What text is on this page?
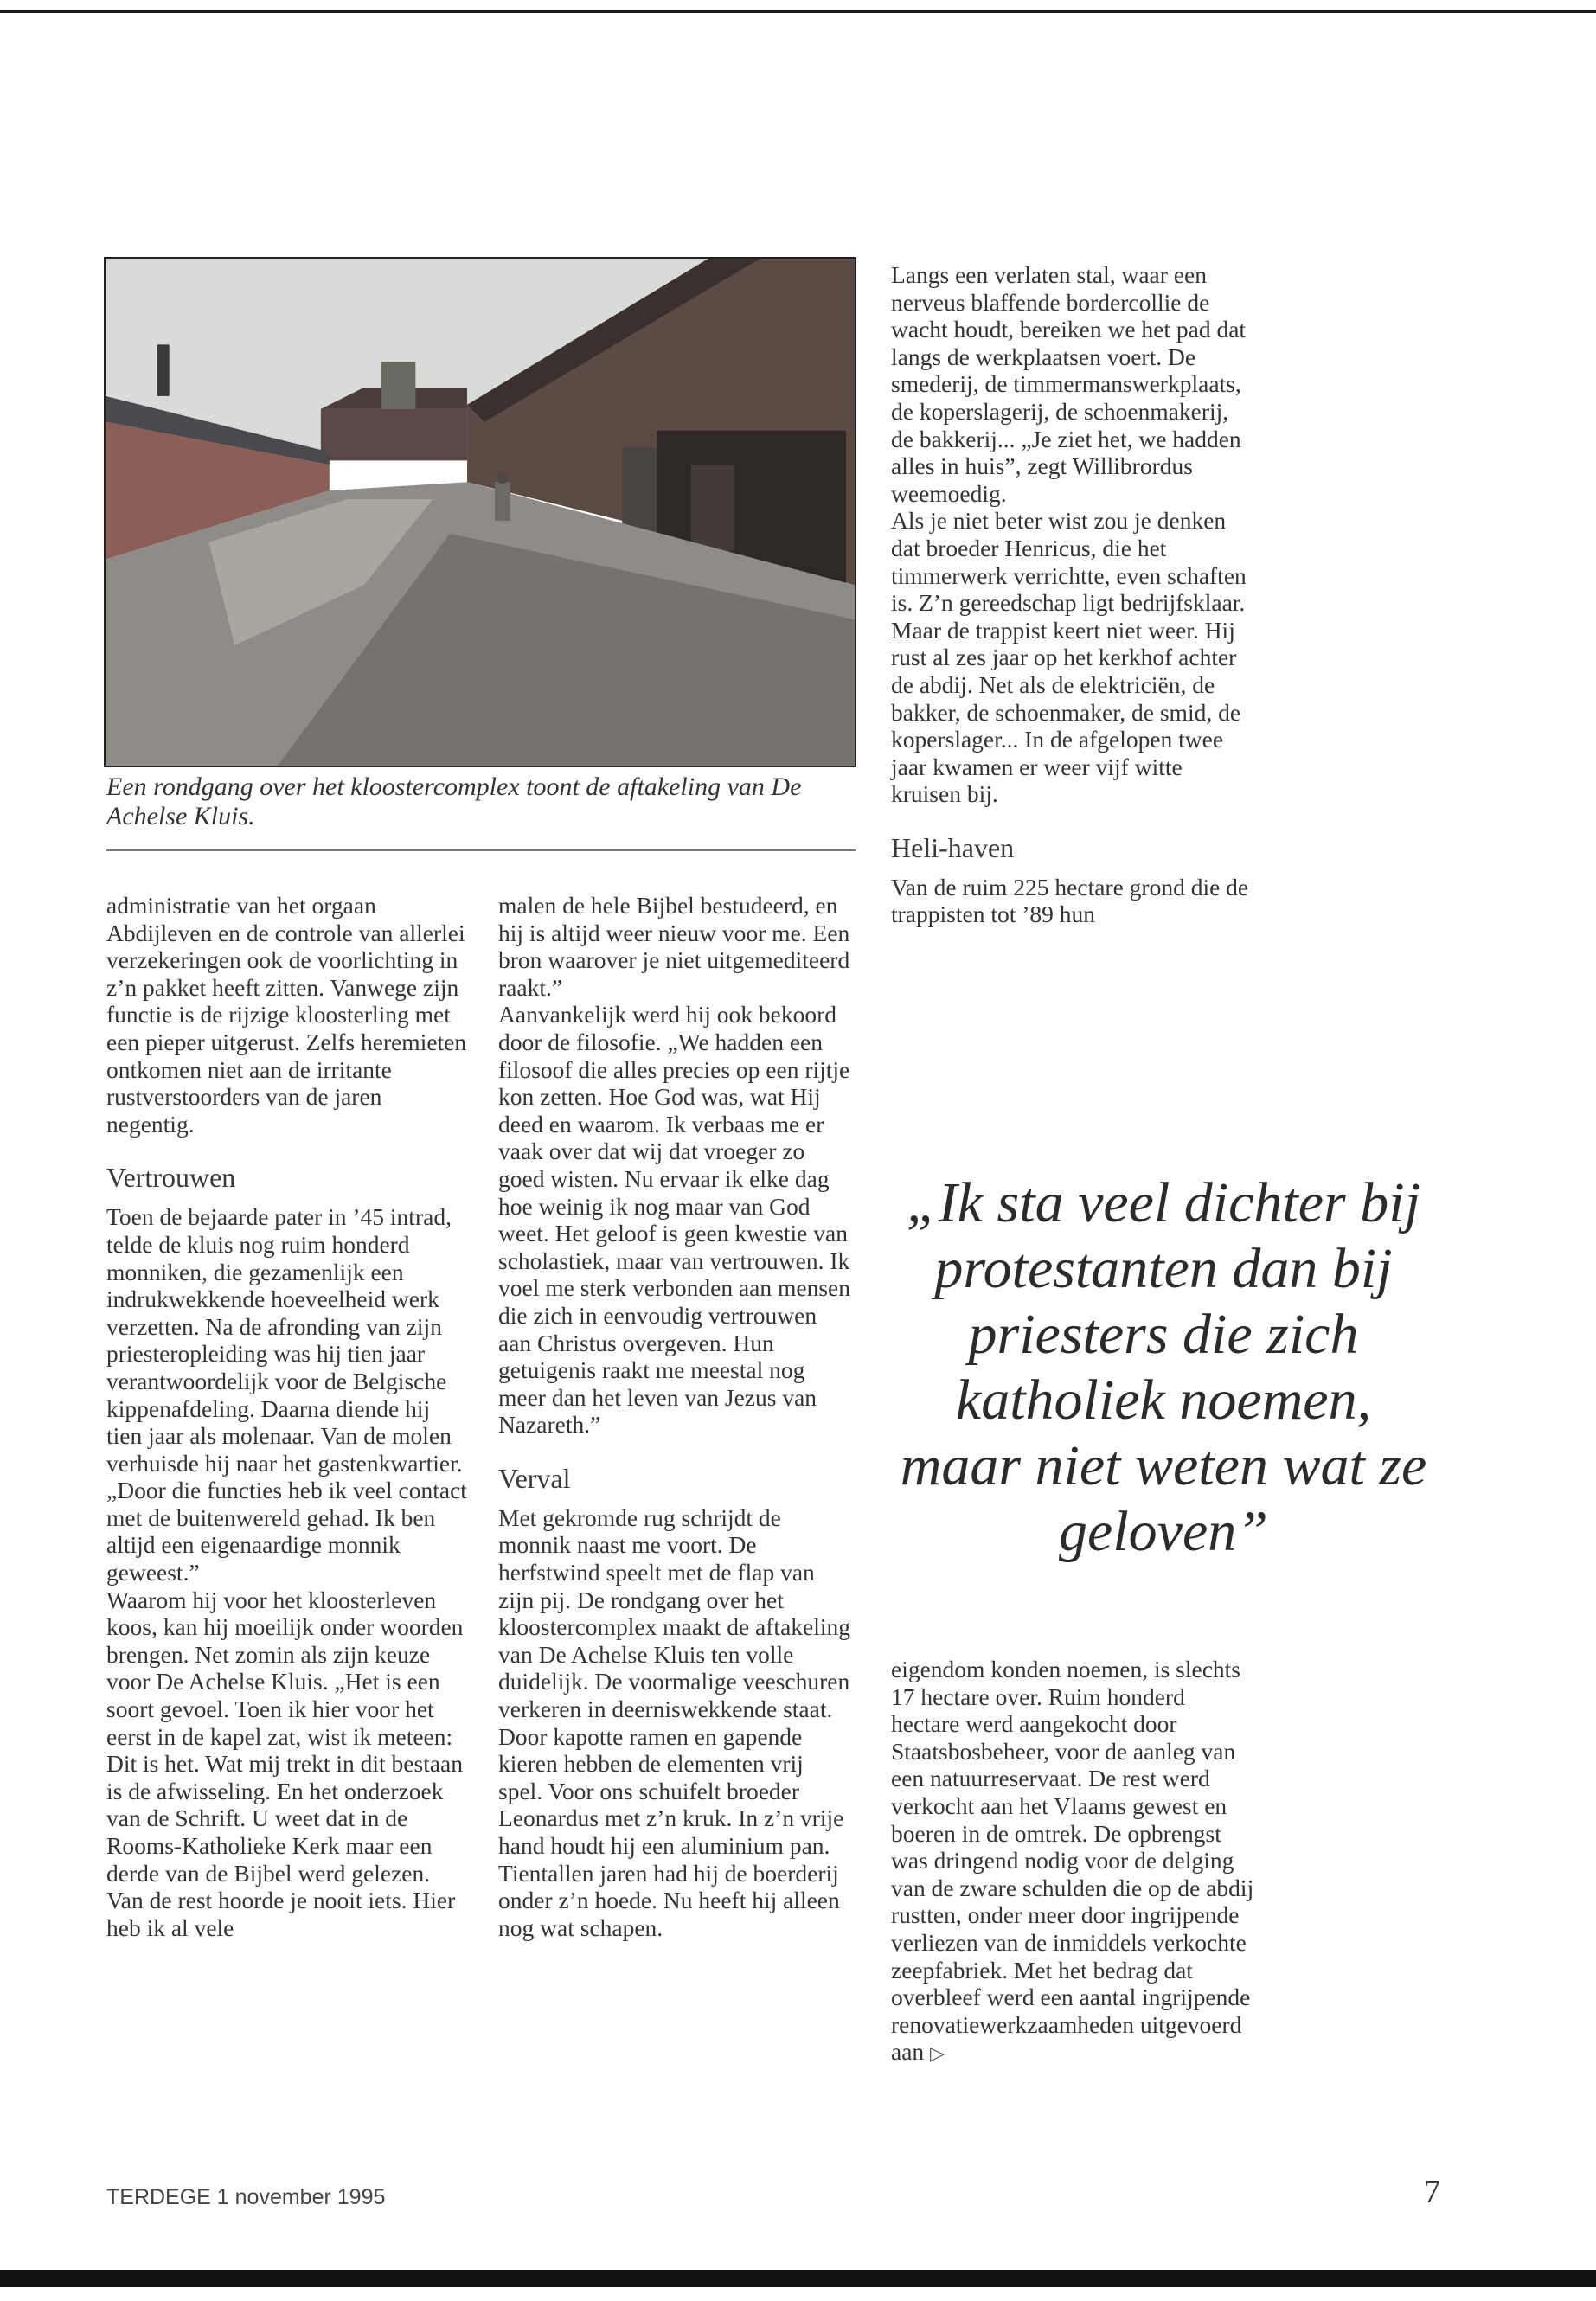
Een rondgang over het kloostercomplex toont de aftakeling van De Achelse Kluis.

administratie van het orgaan Abdijleven en de controle van allerlei verzekeringen ook de voorlichting in z’n pakket heeft zitten. Vanwege zijn functie is de rijzige kloosterling met een pieper uitgerust. Zelfs heremieten ontkomen niet aan de irritante rustverstoorders van de jaren negentig.

Vertrouwen

Toen de bejaarde pater in ’45 intrad, telde de kluis nog ruim honderd monniken, die gezamenlijk een indrukwekkende hoeveelheid werk verzetten. Na de afronding van zijn priesteropleiding was hij tien jaar verantwoordelijk voor de Belgische kippenafdeling. Daarna diende hij tien jaar als molenaar. Van de molen verhuisde hij naar het gastenkwartier. „Door die functies heb ik veel contact met de buitenwereld gehad. Ik ben altijd een eigenaardige monnik geweest.”

Waarom hij voor het kloosterleven koos, kan hij moeilijk onder woorden brengen. Net zomin als zijn keuze voor De Achelse Kluis. „Het is een soort gevoel. Toen ik hier voor het eerst in de kapel zat, wist ik meteen: Dit is het. Wat mij trekt in dit bestaan is de afwisseling. En het onderzoek van de Schrift. U weet dat in de Rooms-Katholieke Kerk maar een derde van de Bijbel werd gelezen. Van de rest hoorde je nooit iets. Hier heb ik al vele

malen de hele Bijbel bestudeerd, en hij is altijd weer nieuw voor me. Een bron waarover je niet uitgemediteerd raakt.”

Aanvankelijk werd hij ook bekoord door de filosofie. „We hadden een filosoof die alles precies op een rijtje kon zetten. Hoe God was, wat Hij deed en waarom. Ik verbaas me er vaak over dat wij dat vroeger zo goed wisten. Nu ervaar ik elke dag hoe weinig ik nog maar van God weet. Het geloof is geen kwestie van scholastiek, maar van vertrouwen. Ik voel me sterk verbonden aan mensen die zich in eenvoudig vertrouwen aan Christus overgeven. Hun getuigenis raakt me meestal nog meer dan het leven van Jezus van Nazareth.”

Verval

Met gekromde rug schrijdt de monnik naast me voort. De herfstwind speelt met de flap van zijn pij. De rondgang over het kloostercomplex maakt de aftakeling van De Achelse Kluis ten volle duidelijk. De voormalige veeschuren verkeren in deerniswekkende staat. Door kapotte ramen en gapende kieren hebben de elementen vrij spel. Voor ons schuifelt broeder Leonardus met z’n kruk. In z’n vrije hand houdt hij een aluminium pan. Tientallen jaren had hij de boerderij onder z’n hoede. Nu heeft hij alleen nog wat schapen.

Langs een verlaten stal, waar een nerveus blaffende bordercollie de wacht houdt, bereiken we het pad dat langs de werkplaatsen voert. De smederij, de timmermanswerkplaats, de koperslagerij, de schoenmakerij, de bakkerij... „Je ziet het, we hadden alles in huis”, zegt Willibrordus weemoedig.

Als je niet beter wist zou je denken dat broeder Henricus, die het timmerwerk verrichtte, even schaften is. Z’n gereedschap ligt bedrijfsklaar. Maar de trappist keert niet weer. Hij rust al zes jaar op het kerkhof achter de abdij. Net als de elektriciën, de bakker, de schoenmaker, de smid, de koperslager... In de afgelopen twee jaar kwamen er weer vijf witte kruisen bij.

Heli-haven

Van de ruim 225 hectare grond die de trappisten tot ’89 hun

„Ik sta veel dichter bij protestanten dan bij priesters die zich katholiek noemen, maar niet weten wat ze geloven”

eigendom konden noemen, is slechts 17 hectare over. Ruim honderd hectare werd aangekocht door Staatsbosbeheer, voor de aanleg van een natuurreservaat. De rest werd verkocht aan het Vlaams gewest en boeren in de omtrek. De opbrengst was dringend nodig voor de delging van de zware schulden die op de abdij rustten, onder meer door ingrijpende verliezen van de inmiddels verkochte zeepfabriek. Met het bedrag dat overbleef werd een aantal ingrijpende renovatiewerkzaamheden uitgevoerd aan ▷

TERDEGE 1 november 1995	7
